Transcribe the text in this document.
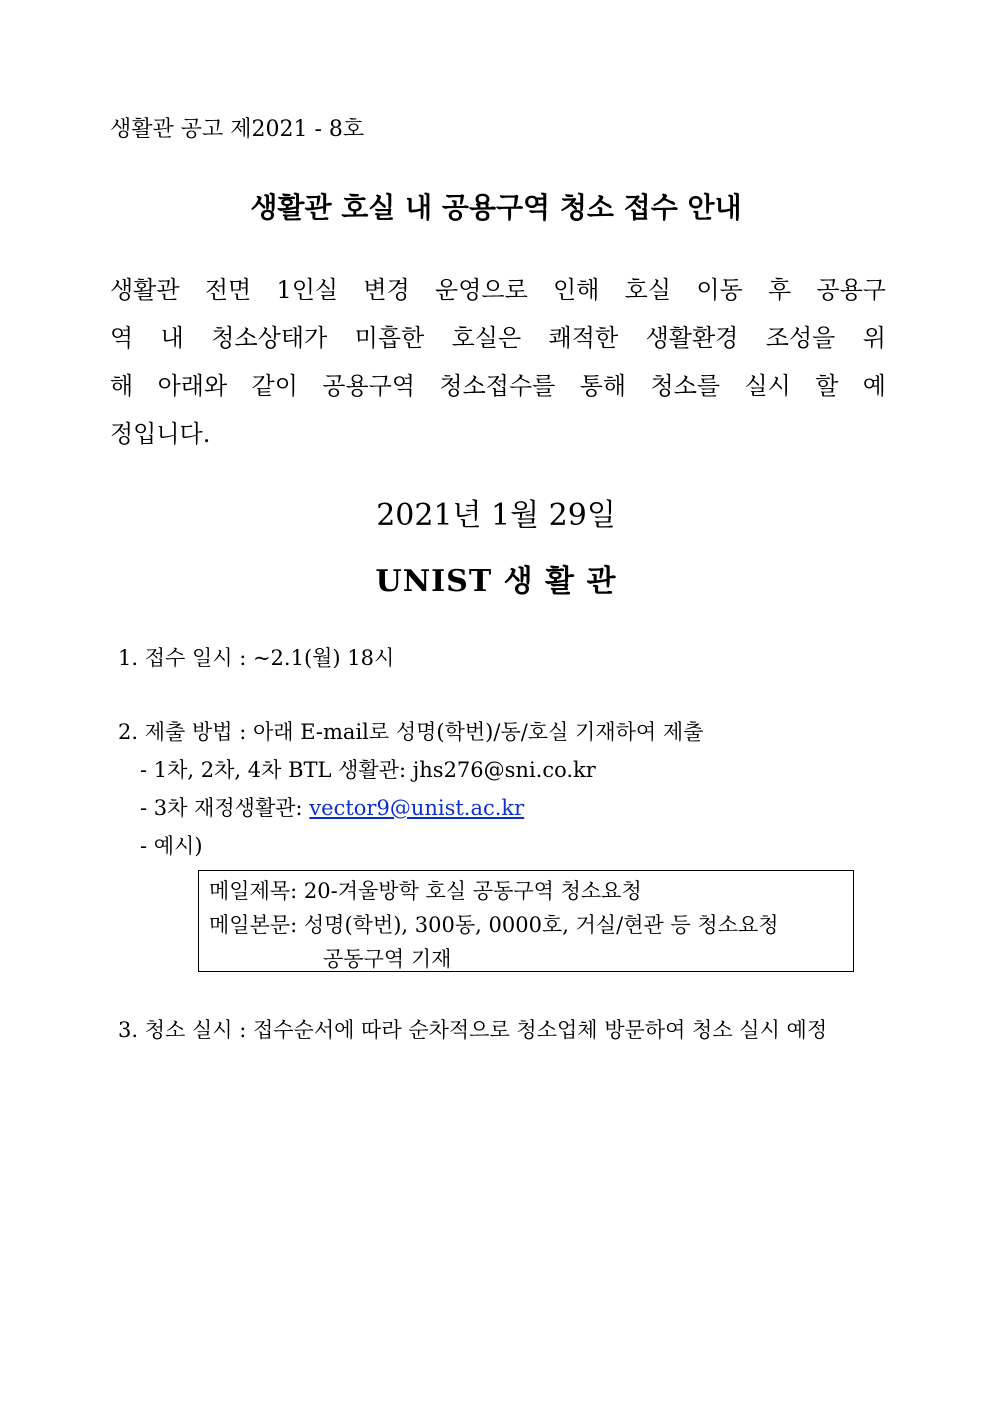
생활관 공고 제2021 - 8호
생활관 호실 내 공용구역 청소 접수 안내
생활관 전면 1인실 변경 운영으로 인해 호실 이동 후 공용구
역 내 청소상태가 미흡한 호실은 쾌적한 생활환경 조성을 위
해 아래와 같이 공용구역 청소접수를 통해 청소를 실시 할 예
정입니다.
2021년 1월 29일
UNIST 생 활 관
1. 접수 일시 : ~2.1(월) 18시
2. 제출 방법 : 아래 E-mail로 성명(학번)/동/호실 기재하여 제출
- 1차, 2차, 4차 BTL 생활관: jhs276@sni.co.kr
- 3차 재정생활관: vector9@unist.ac.kr
- 예시)
메일제목: 20-겨울방학 호실 공동구역 청소요청
메일본문: 성명(학번), 300동, 0000호, 거실/현관 등 청소요청
공동구역 기재
3. 청소 실시 : 접수순서에 따라 순차적으로 청소업체 방문하여 청소 실시 예정
